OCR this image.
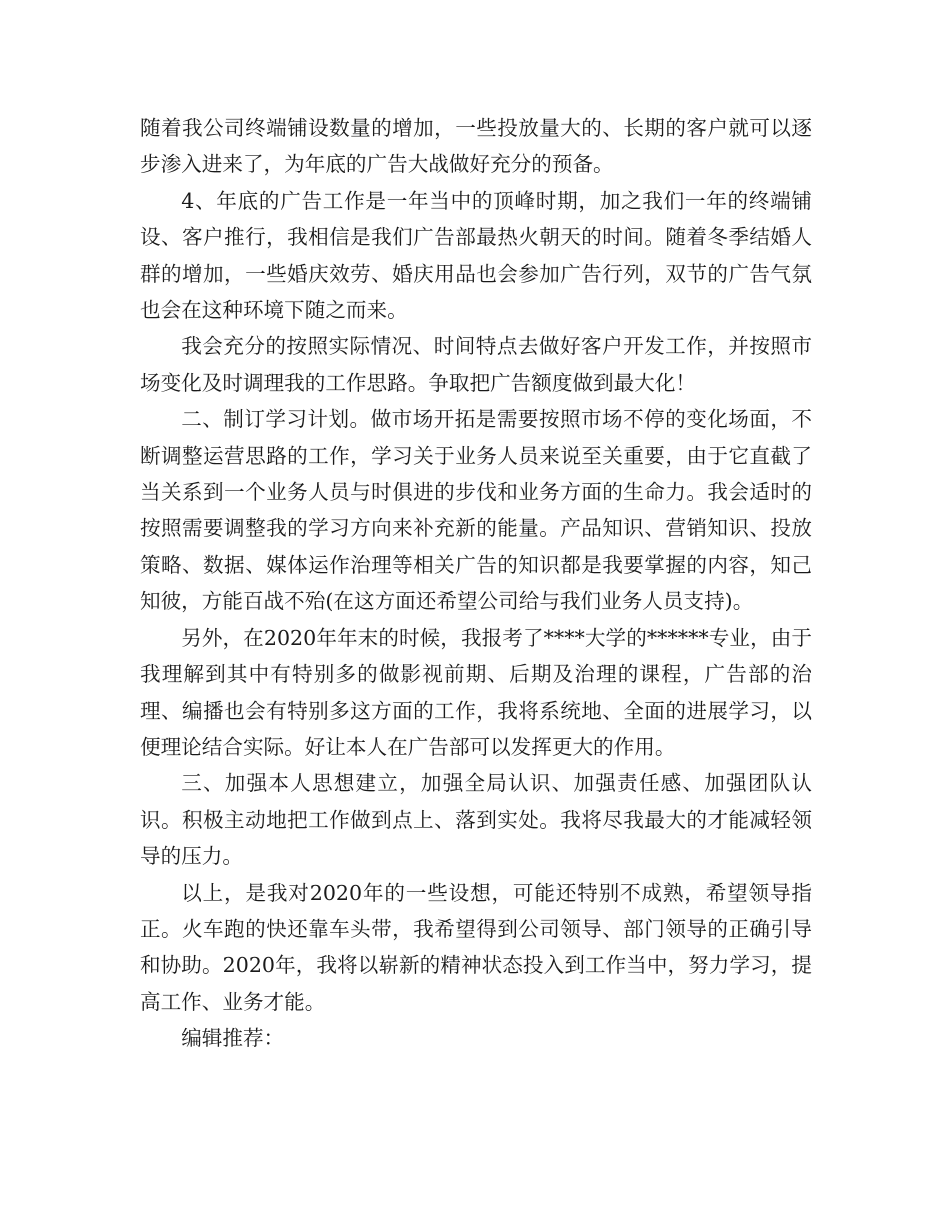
随着我公司终端铺设数量的增加，一些投放量大的、长期的客户就可以逐步渗入进来了，为年底的广告大战做好充分的预备。

4、年底的广告工作是一年当中的顶峰时期，加之我们一年的终端铺设、客户推行，我相信是我们广告部最热火朝天的时间。随着冬季结婚人群的增加，一些婚庆效劳、婚庆用品也会参加广告行列，双节的广告气氛也会在这种环境下随之而来。

我会充分的按照实际情况、时间特点去做好客户开发工作，并按照市场变化及时调理我的工作思路。争取把广告额度做到最大化！

二、制订学习计划。做市场开拓是需要按照市场不停的变化场面，不断调整运营思路的工作，学习关于业务人员来说至关重要，由于它直截了当关系到一个业务人员与时俱进的步伐和业务方面的生命力。我会适时的按照需要调整我的学习方向来补充新的能量。产品知识、营销知识、投放策略、数据、媒体运作治理等相关广告的知识都是我要掌握的内容，知己知彼，方能百战不殆(在这方面还希望公司给与我们业务人员支持)。

另外，在2020年年末的时候，我报考了****大学的******专业，由于我理解到其中有特别多的做影视前期、后期及治理的课程，广告部的治理、编播也会有特别多这方面的工作，我将系统地、全面的进展学习，以便理论结合实际。好让本人在广告部可以发挥更大的作用。

三、加强本人思想建立，加强全局认识、加强责任感、加强团队认识。积极主动地把工作做到点上、落到实处。我将尽我最大的才能减轻领导的压力。

以上，是我对2020年的一些设想，可能还特别不成熟，希望领导指正。火车跑的快还靠车头带，我希望得到公司领导、部门领导的正确引导和协助。2020年，我将以崭新的精神状态投入到工作当中，努力学习，提高工作、业务才能。

编辑推荐：
